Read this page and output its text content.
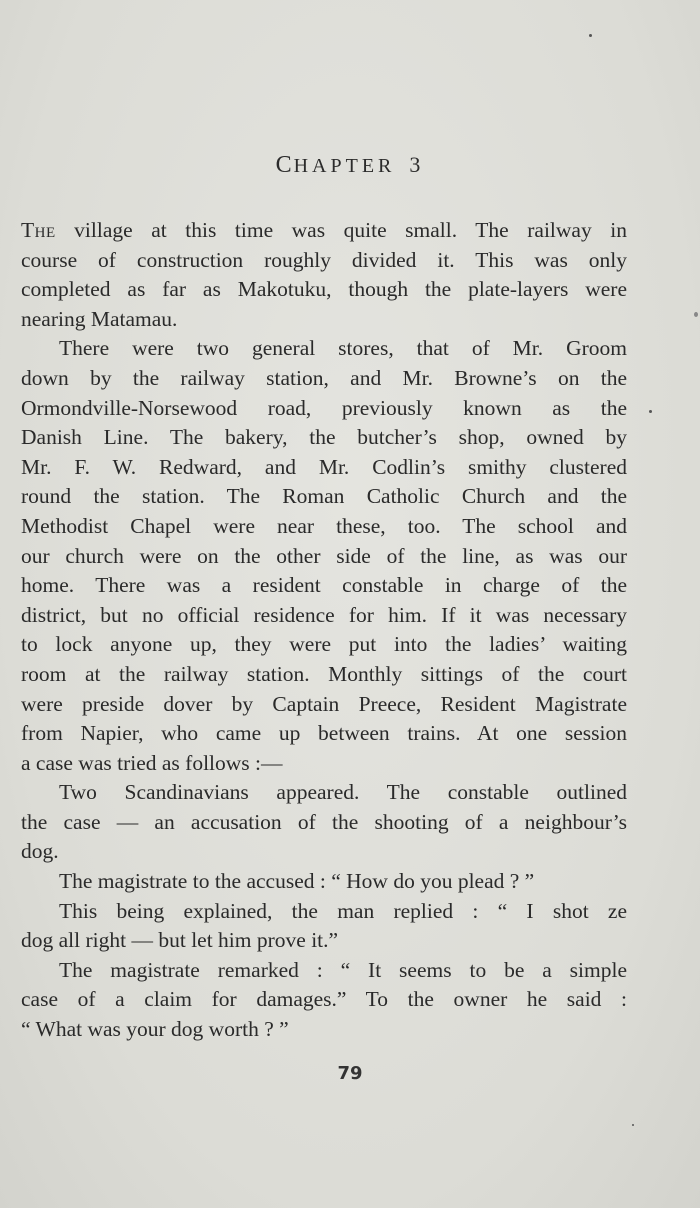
CHAPTER 3
The village at this time was quite small. The railway in
course of construction roughly divided it. This was only
completed as far as Makotuku, though the plate-layers were
nearing Matamau.
There were two general stores, that of Mr. Groom
down by the railway station, and Mr. Browne’s on the
Ormondville-Norsewood road, previously known as the
Danish Line. The bakery, the butcher’s shop, owned by
Mr. F. W. Redward, and Mr. Codlin’s smithy clustered
round the station. The Roman Catholic Church and the
Methodist Chapel were near these, too. The school and
our church were on the other side of the line, as was our
home. There was a resident constable in charge of the
district, but no official residence for him. If it was necessary
to lock anyone up, they were put into the ladies’ waiting
room at the railway station. Monthly sittings of the court
were preside dover by Captain Preece, Resident Magistrate
from Napier, who came up between trains. At one session
a case was tried as follows :—
Two Scandinavians appeared. The constable outlined
the case — an accusation of the shooting of a neighbour’s
dog.
The magistrate to the accused : “ How do you plead ? ”
This being explained, the man replied : “ I shot ze
dog all right — but let him prove it.”
The magistrate remarked : “ It seems to be a simple
case of a claim for damages.” To the owner he said :
“ What was your dog worth ? ”
79
